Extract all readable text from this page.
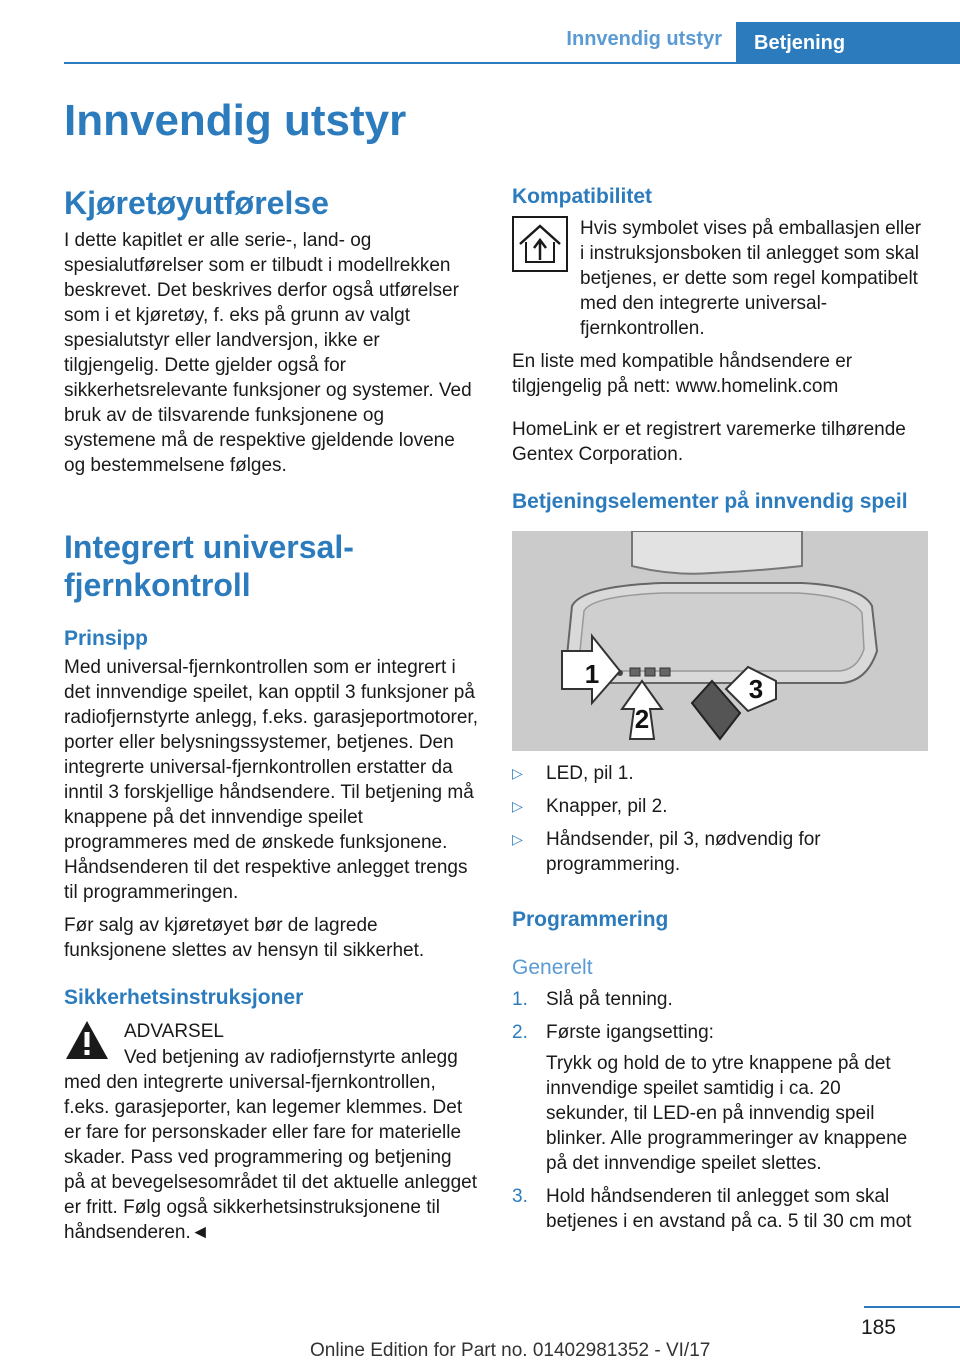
Innvendig utstyr	Betjening
Innvendig utstyr
Kjøretøyutførelse

I dette kapitlet er alle serie-, land- og spesialutførelser som er tilbudt i modellrekken beskrevet. Det beskrives derfor også utførelser som i et kjøretøy, f. eks på grunn av valgt spesialutstyr eller landversjon, ikke er tilgjengelig. Dette gjelder også for sikkerhetsrelevante funksjoner og systemer. Ved bruk av de tilsvarende funksjonene og systemene må de respektive gjeldende lovene og bestemmelsene følges.

Integrert universal-fjernkontroll
Prinsipp

Med universal-fjernkontrollen som er integrert i det innvendige speilet, kan opptil 3 funksjoner på radiofjernstyrte anlegg, f.eks. garasjeportmotorer, porter eller belysningssystemer, betjenes. Den integrerte universal-fjernkontrollen erstatter da inntil 3 forskjellige håndsendere. Til betjening må knappene på det innvendige speilet programmeres med de ønskede funksjonene. Håndsenderen til det respektive anlegget trengs til programmeringen.

Før salg av kjøretøyet bør de lagrede funksjonene slettes av hensyn til sikkerhet.

Sikkerhetsinstruksjoner
ADVARSEL

Ved betjening av radiofjernstyrte anlegg med den integrerte universal-fjernkontrollen, f.eks. garasjeporter, kan legemer klemmes. Det er fare for personskader eller fare for materielle skader. Pass ved programmering og betjening på at bevegelsesområdet til det aktuelle anlegget er fritt. Følg også sikkerhetsinstruksjonene til håndsenderen.◄

Kompatibilitet

Hvis symbolet vises på emballasjen eller i instruksjonsboken til anlegget som skal betjenes, er dette som regel kompatibelt med den integrerte universal-fjernkontrollen.

En liste med kompatible håndsendere er tilgjengelig på nett: www.homelink.com

HomeLink er et registrert varemerke tilhørende Gentex Corporation.

Betjeningselementer på innvendig speil
1
2
3
▷	LED, pil 1.
▷	Knapper, pil 2.
▷	Håndsender, pil 3, nødvendig for programmering.
Programmering
Generelt
1. Slå på tenning.
2. Første igangsetting:
Trykk og hold de to ytre knappene på det innvendige speilet samtidig i ca. 20 sekunder, til LED-en på innvendig speil blinker. Alle programmeringer av knappene på det innvendige speilet slettes.
3. Hold håndsenderen til anlegget som skal betjenes i en avstand på ca. 5 til 30 cm mot
185
Online Edition for Part no. 01402981352 - VI/17
